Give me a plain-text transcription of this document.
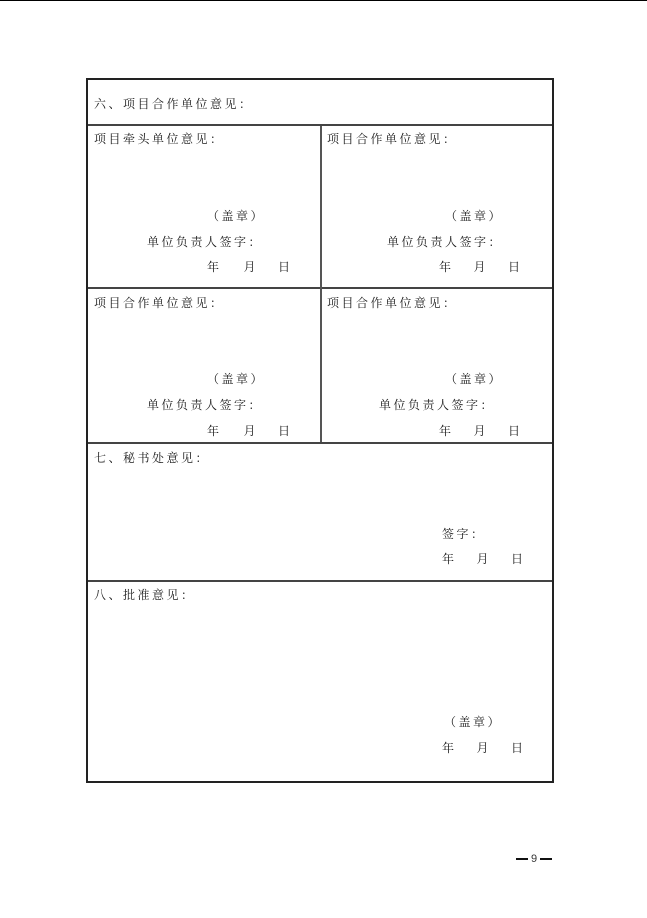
六、项目合作单位意见：
项目牵头单位意见：
（盖章）
单位负责人签字：
年 月 日
项目合作单位意见：
（盖章）
单位负责人签字：
年 月 日
项目合作单位意见：
（盖章）
单位负责人签字：
年 月 日
项目合作单位意见：
（盖章）
单位负责人签字：
年 月 日
七、秘书处意见：
签字：
年 月 日
八、批准意见：
（盖章）
年 月 日
9
